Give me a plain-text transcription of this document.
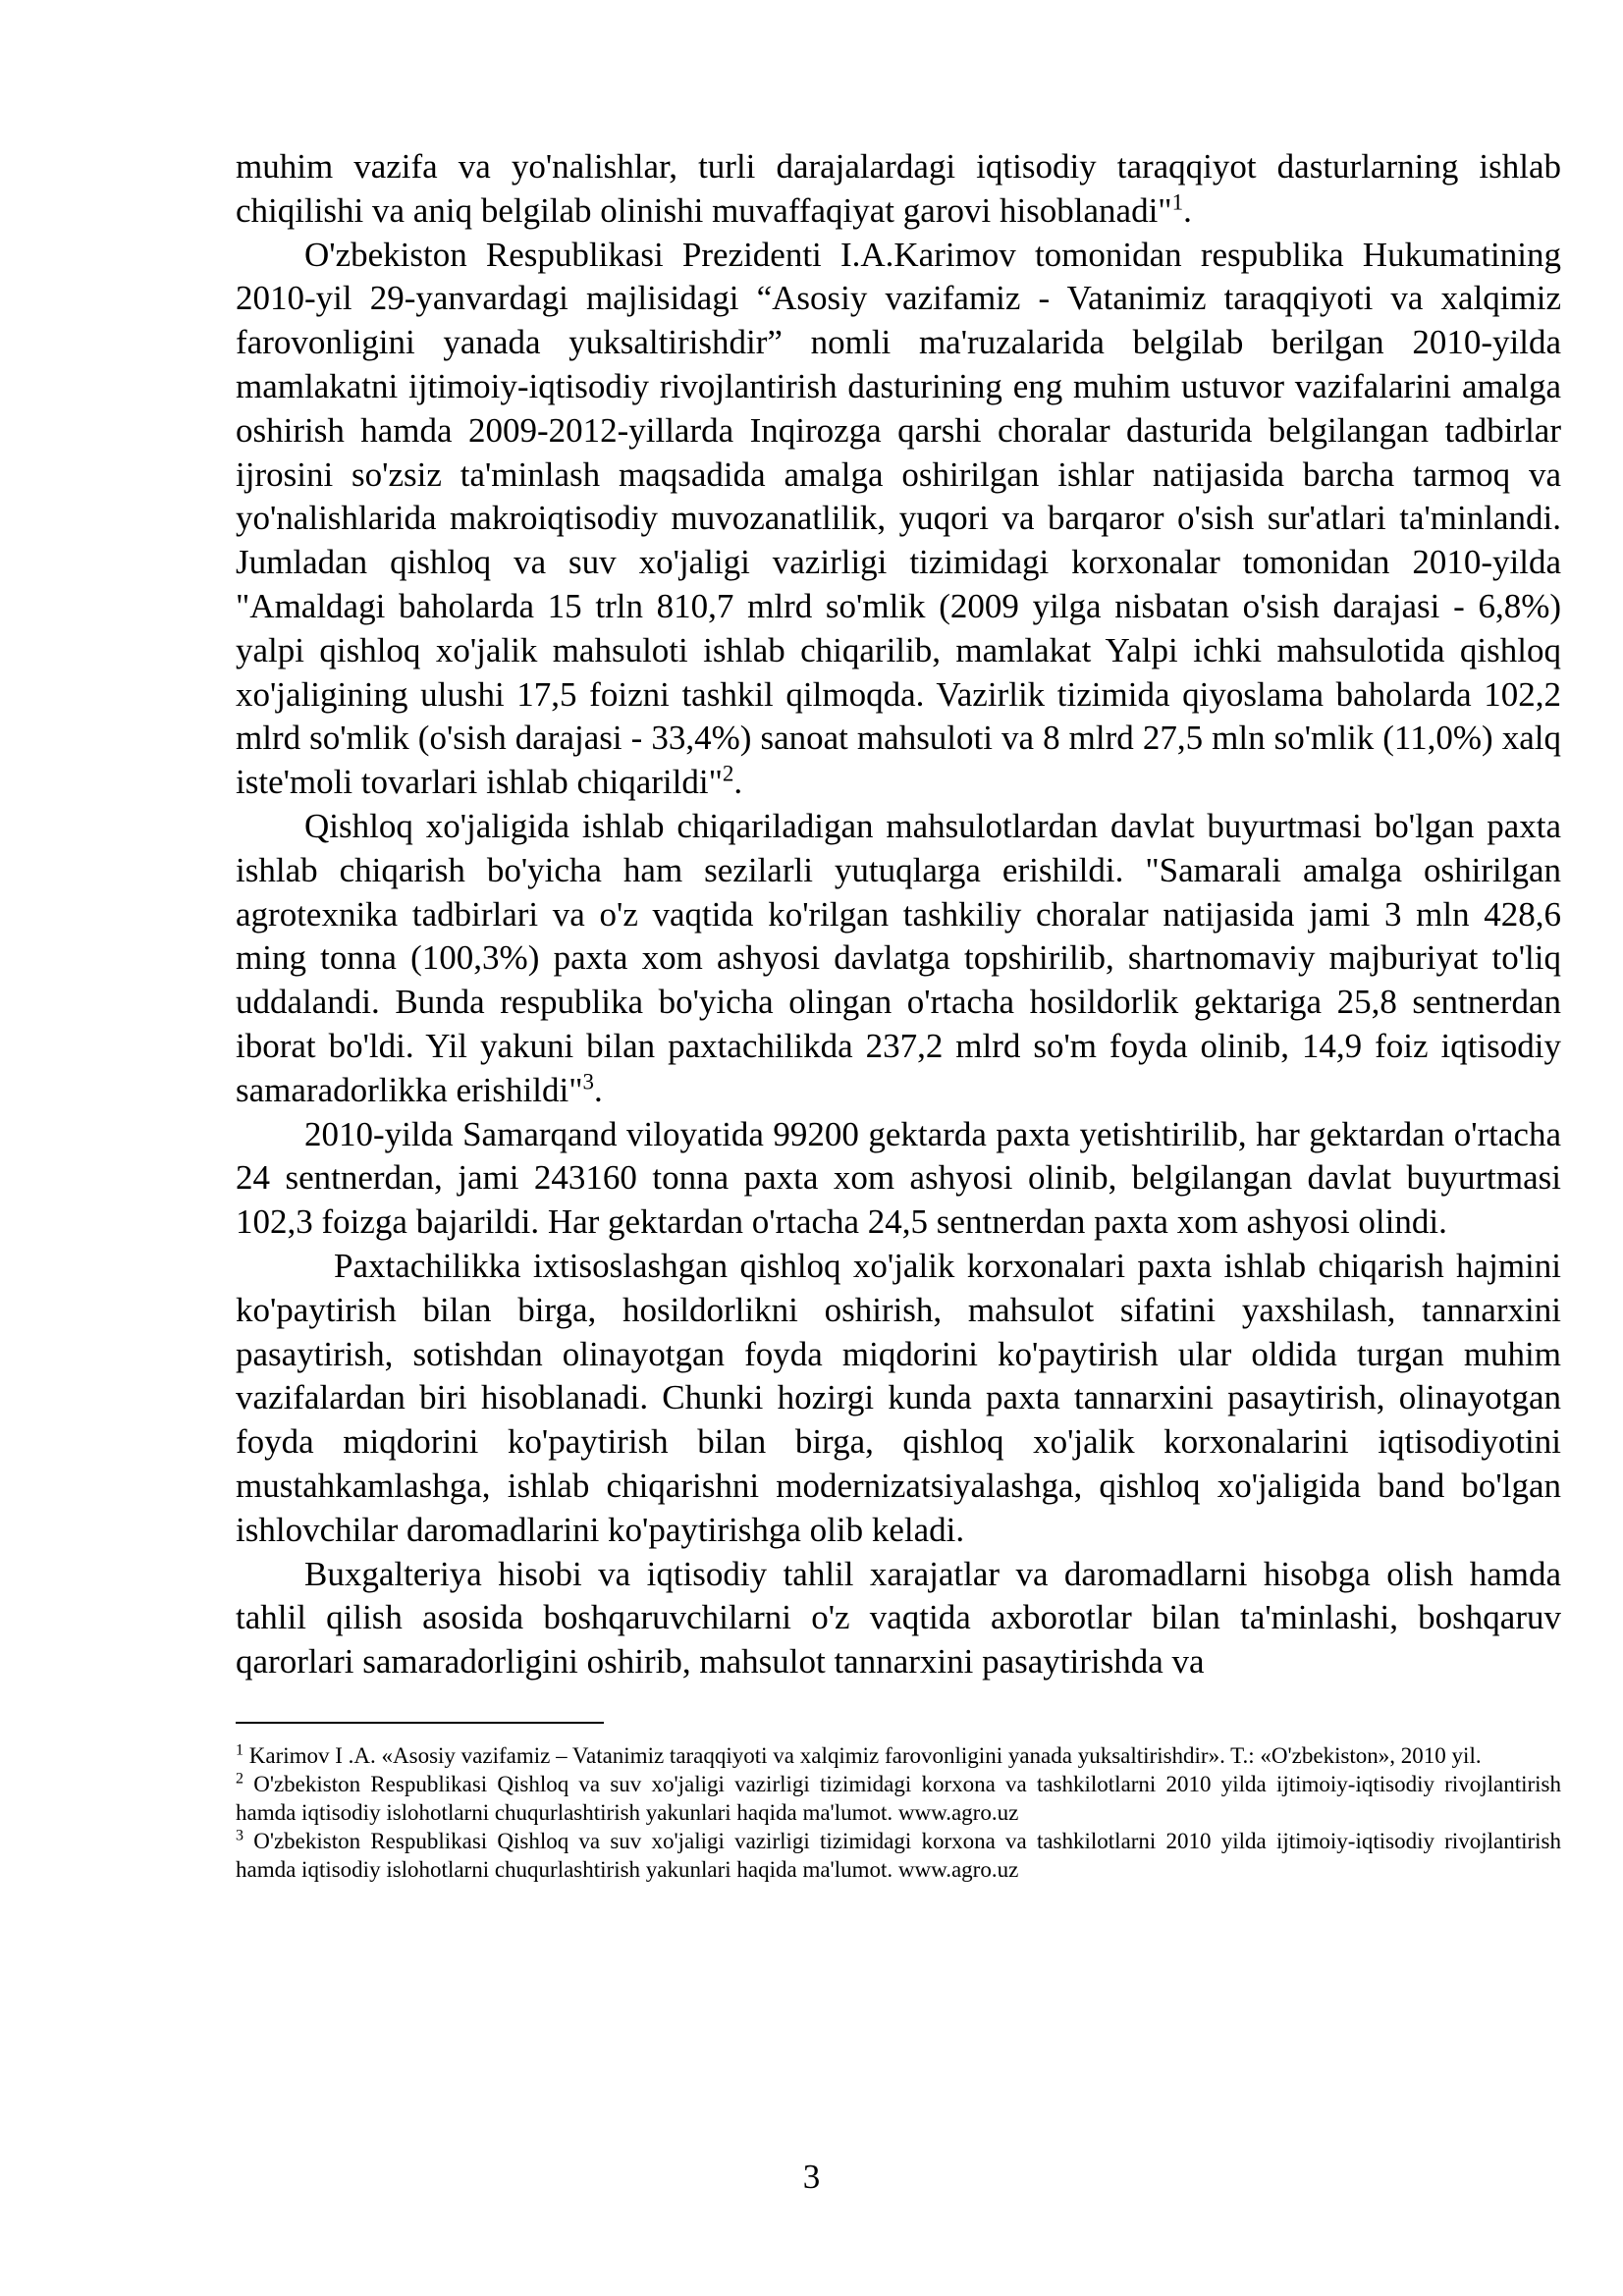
muhim vazifa va yo'nalishlar, turli darajalardagi iqtisodiy taraqqiyot dasturlarning ishlab chiqilishi va aniq belgilab olinishi muvaffaqiyat garovi hisoblanadi"$^1$.

O'zbekiston Respublikasi Prezidenti I.A.Karimov tomonidan respublika Hukumatining 2010-yil 29-yanvardagi majlisidagi “Asosiy vazifamiz - Vatanimiz taraqqiyoti va xalqimiz farovonligini yanada yuksaltirishdir” nomli ma'ruzalarida belgilab berilgan 2010-yilda mamlakatni ijtimoiy-iqtisodiy rivojlantirish dasturining eng muhim ustuvor vazifalarini amalga oshirish hamda 2009-2012-yillarda Inqirozga qarshi choralar dasturida belgilangan tadbirlar ijrosini so'zsiz ta'minlash maqsadida amalga oshirilgan ishlar natijasida barcha tarmoq va yo'nalishlarida makroiqtisodiy muvozanatlilik, yuqori va barqaror o'sish sur'atlari ta'minlandi. Jumladan qishloq va suv xo'jaligi vazirligi tizimidagi korxonalar tomonidan 2010-yilda "Amaldagi baholarda 15 trln 810,7 mlrd so'mlik (2009 yilga nisbatan o'sish darajasi - 6,8%) yalpi qishloq xo'jalik mahsuloti ishlab chiqarilib, mamlakat Yalpi ichki mahsulotida qishloq xo'jaligining ulushi 17,5 foizni tashkil qilmoqda. Vazirlik tizimida qiyoslama baholarda 102,2 mlrd so'mlik (o'sish darajasi - 33,4%) sanoat mahsuloti va 8 mlrd 27,5 mln so'mlik (11,0%) xalq iste'moli tovarlari ishlab chiqarildi"$^2$.

Qishloq xo'jaligida ishlab chiqariladigan mahsulotlardan davlat buyurtmasi bo'lgan paxta ishlab chiqarish bo'yicha ham sezilarli yutuqlarga erishildi. "Samarali amalga oshirilgan agrotexnika tadbirlari va o'z vaqtida ko'rilgan tashkiliy choralar natijasida jami 3 mln 428,6 ming tonna (100,3%) paxta xom ashyosi davlatga topshirilib, shartnomaviy majburiyat to'liq uddalandi. Bunda respublika bo'yicha olingan o'rtacha hosildorlik gektariga 25,8 sentnerdan iborat bo'ldi. Yil yakuni bilan paxtachilikda 237,2 mlrd so'm foyda olinib, 14,9 foiz iqtisodiy samaradorlikka erishildi"$^3$.

2010-yilda Samarqand viloyatida 99200 gektarda paxta yetishtirilib, har gektardan o'rtacha 24 sentnerdan, jami 243160 tonna paxta xom ashyosi olinib, belgilangan davlat buyurtmasi 102,3 foizga bajarildi. Har gektardan o'rtacha 24,5 sentnerdan paxta xom ashyosi olindi.

Paxtachilikka ixtisoslashgan qishloq xo'jalik korxonalari paxta ishlab chiqarish hajmini ko'paytirish bilan birga, hosildorlikni oshirish, mahsulot sifatini yaxshilash, tannarxini pasaytirish, sotishdan olinayotgan foyda miqdorini ko'paytirish ular oldida turgan muhim vazifalardan biri hisoblanadi. Chunki hozirgi kunda paxta tannarxini pasaytirish, olinayotgan foyda miqdorini ko'paytirish bilan birga, qishloq xo'jalik korxonalarini iqtisodiyotini mustahkamlashga, ishlab chiqarishni modernizatsiyalashga, qishloq xo'jaligida band bo'lgan ishlovchilar daromadlarini ko'paytirishga olib keladi.

Buxgalteriya hisobi va iqtisodiy tahlil xarajatlar va daromadlarni hisobga olish hamda tahlil qilish asosida boshqaruvchilarni o'z vaqtida axborotlar bilan ta'minlashi, boshqaruv qarorlari samaradorligini oshirib, mahsulot tannarxini pasaytirishda va

$^1$ Karimov I .A. «Asosiy vazifamiz – Vatanimiz taraqqiyoti va xalqimiz farovonligini yanada yuksaltirishdir». T.: «O'zbekiston», 2010 yil.

$^2$ O'zbekiston Respublikasi Qishloq va suv xo'jaligi vazirligi tizimidagi korxona va tashkilotlarni 2010 yilda ijtimoiy-iqtisodiy rivojlantirish hamda iqtisodiy islohotlarni chuqurlashtirish yakunlari haqida ma'lumot. www.agro.uz

$^3$ O'zbekiston Respublikasi Qishloq va suv xo'jaligi vazirligi tizimidagi korxona va tashkilotlarni 2010 yilda ijtimoiy-iqtisodiy rivojlantirish hamda iqtisodiy islohotlarni chuqurlashtirish yakunlari haqida ma'lumot. www.agro.uz

3
